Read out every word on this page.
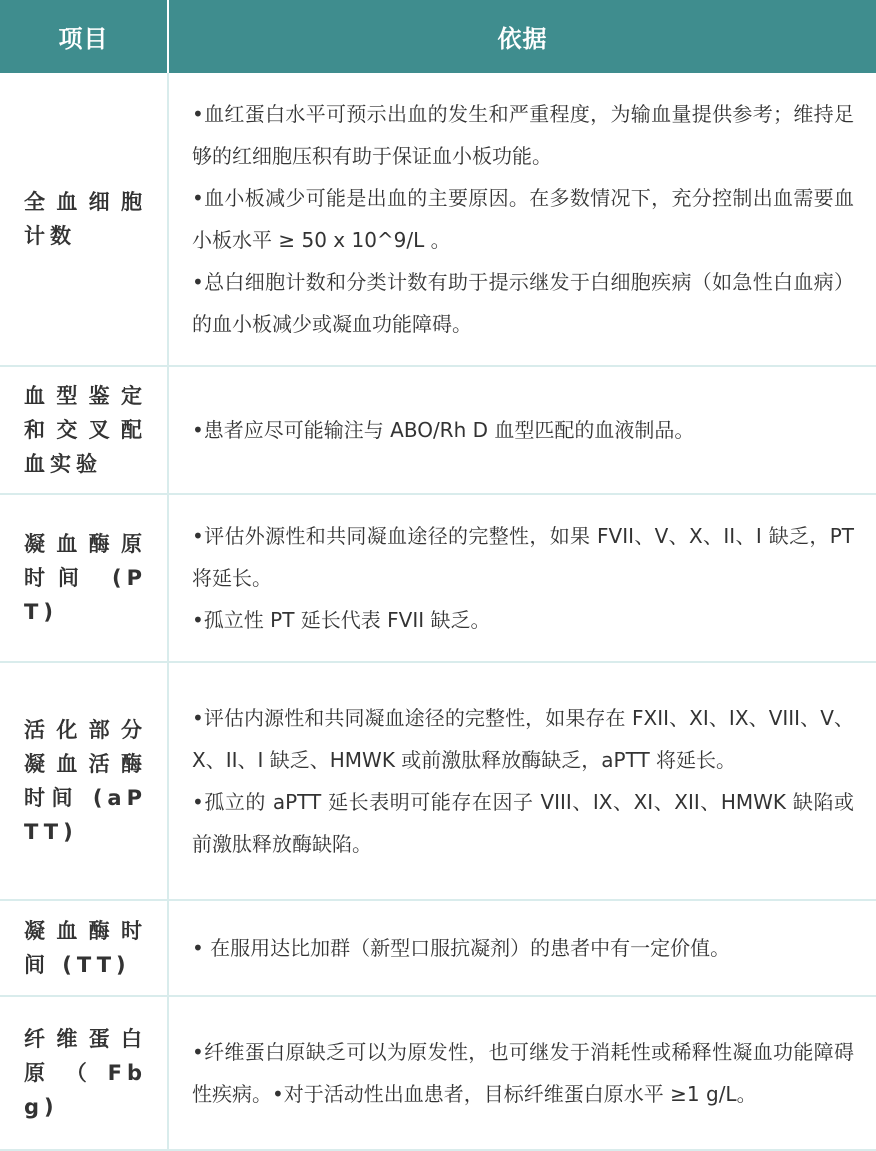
项目	依据
全血细胞计数	•血红蛋白水平可预示出血的发生和严重程度，为输血量提供参考；维持足够的红细胞压积有助于保证血小板功能。

•血小板减少可能是出血的主要原因。在多数情况下，充分控制出血需要血小板水平 ≥ 50 x 10^9/L 。

•总白细胞计数和分类计数有助于提示继发于白细胞疾病（如急性白血病）的血小板减少或凝血功能障碍。

血型鉴定和交叉配血实验	•患者应尽可能输注与 ABO/Rh D 血型匹配的血液制品。

凝血酶原时间 (PT)	•评估外源性和共同凝血途径的完整性，如果 FVII、V、X、II、Ⅰ 缺乏，PT 将延长。

•孤立性 PT 延长代表 FVII 缺乏。

活化部分凝血活酶时间 (aPTT)	•评估内源性和共同凝血途径的完整性，如果存在 FXII、XI、IX、VIII、V、X、II、Ⅰ 缺乏、HMWK 或前激肽释放酶缺乏，aPTT 将延长。

•孤立的 aPTT 延长表明可能存在因子 VIII、IX、XI、XII、HMWK 缺陷或前激肽释放酶缺陷。

凝血酶时间 (TT)	• 在服用达比加群（新型口服抗凝剂）的患者中有一定价值。

纤维蛋白原（Fbg)	•纤维蛋白原缺乏可以为原发性，也可继发于消耗性或稀释性凝血功能障碍性疾病。•对于活动性出血患者，目标纤维蛋白原水平 ≥1 g/L。
